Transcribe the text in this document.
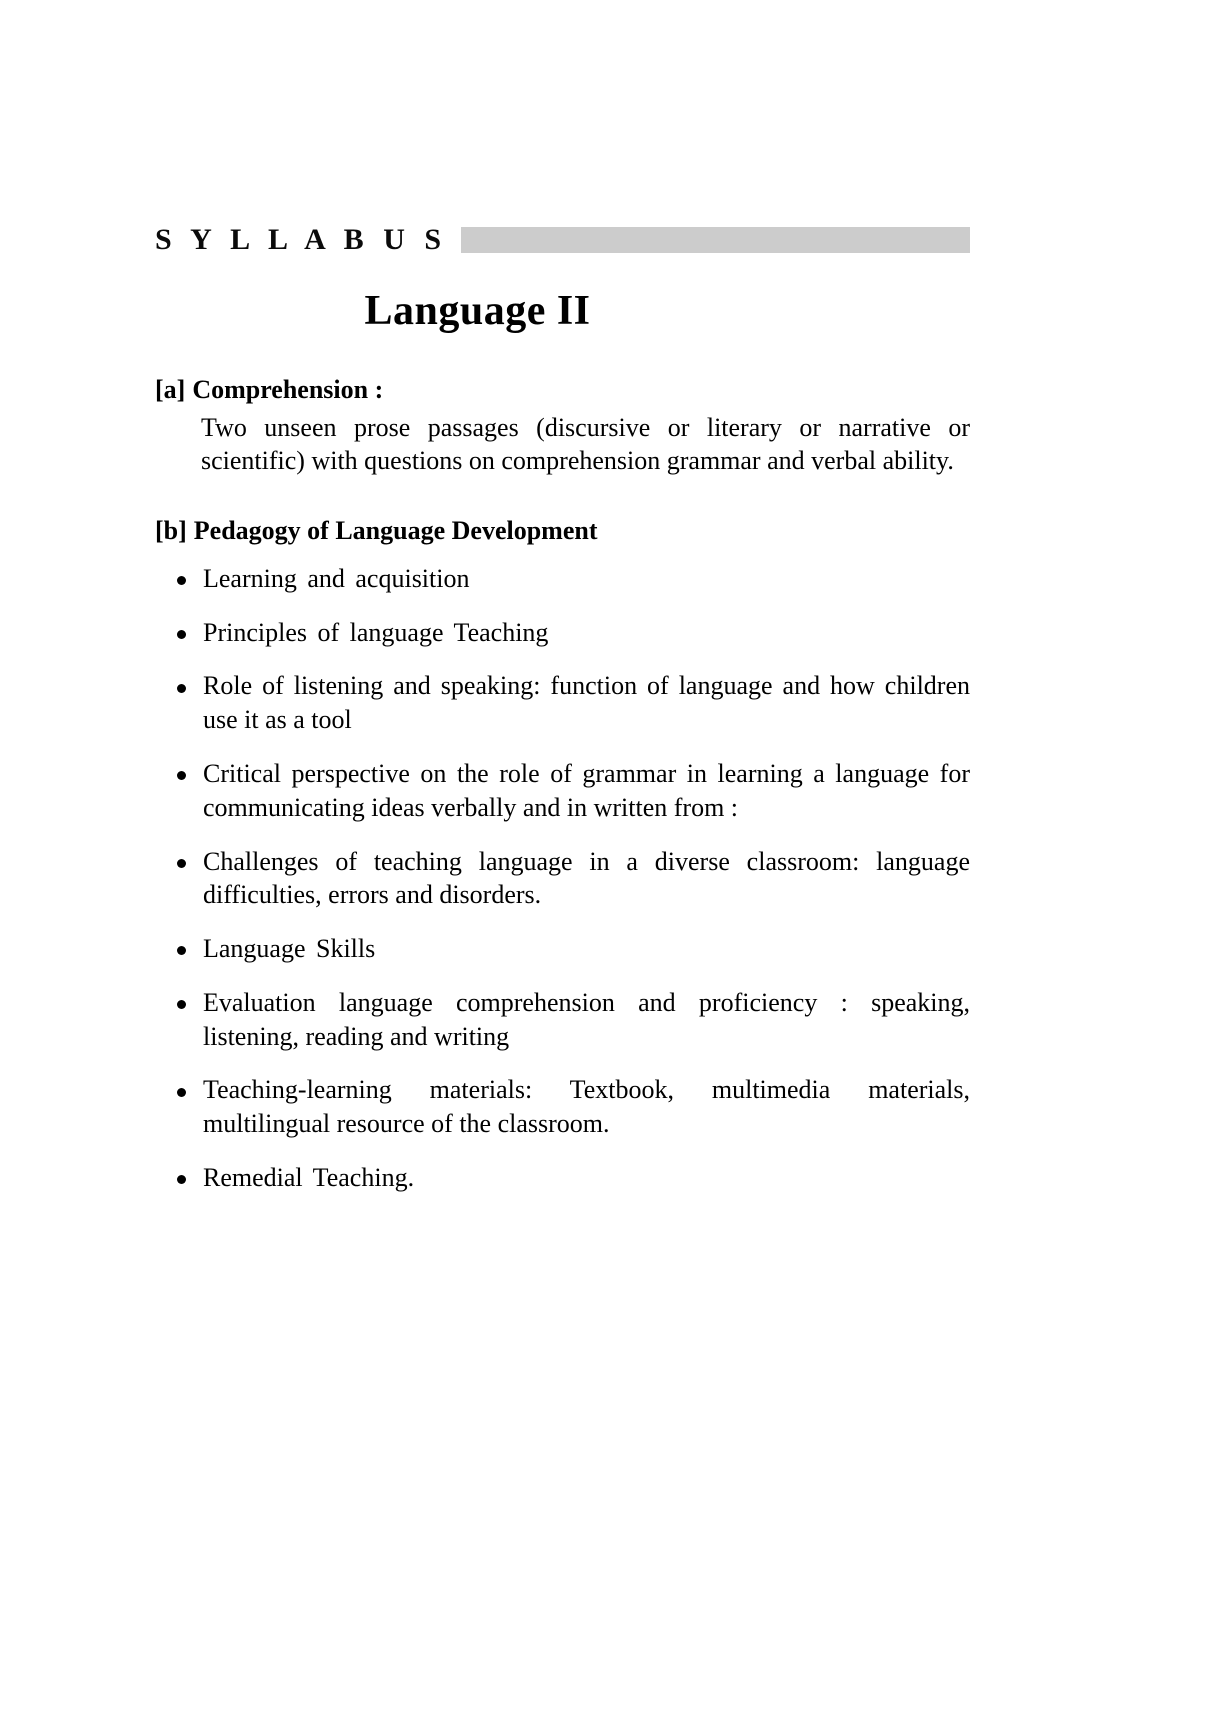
S Y L L A B U S
Language II
[a] Comprehension :

Two unseen prose passages (discursive or literary or narrative or scientific) with questions on comprehension grammar and verbal ability.

[b] Pedagogy of Language Development
Learning and acquisition
Principles of language Teaching
Role of listening and speaking: function of language and how children use it as a tool
Critical perspective on the role of grammar in learning a language for communicating ideas verbally and in written from :
Challenges of teaching language in a diverse classroom: language difficulties, errors and disorders.
Language Skills
Evaluation language comprehension and proficiency : speaking, listening, reading and writing
Teaching-learning materials: Textbook, multimedia materials, multilingual resource of the classroom.
Remedial Teaching.
